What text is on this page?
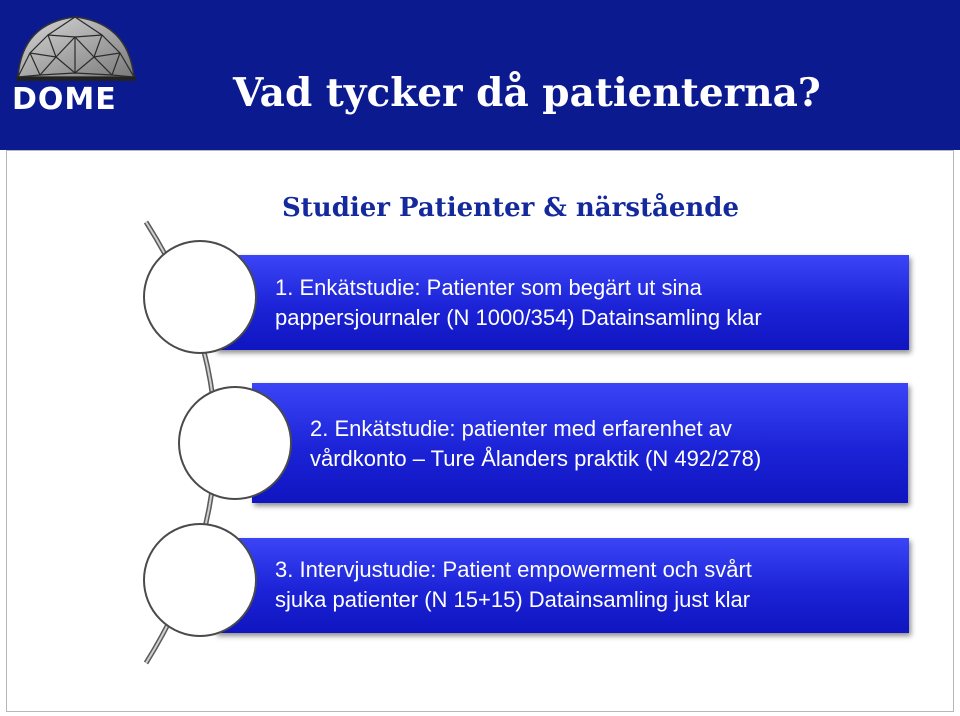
DOME	Vad tycker då patienterna?
Studier Patienter & närstående
1. Enkätstudie: Patienter som begärt ut sina
pappersjournaler (N 1000/354) Datainsamling klar
2. Enkätstudie: patienter med erfarenhet av
vårdkonto – Ture Ålanders praktik (N 492/278)
3. Intervjustudie: Patient empowerment och svårt
sjuka patienter (N 15+15) Datainsamling just klar
